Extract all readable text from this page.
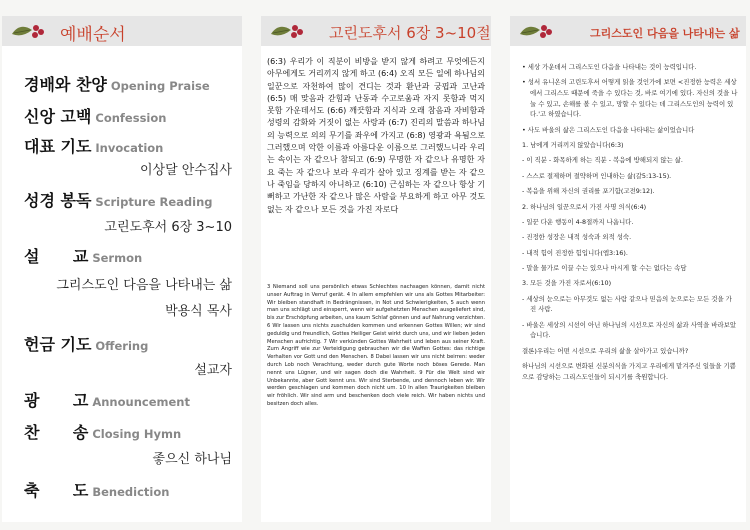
예배순서
경배와 찬양 Opening Praise
신앙 고백 Confession
대표 기도 Invocation
이상달 안수집사
성경 봉독 Scripture Reading
고린도후서 6장 3~10
설      교 Sermon
그리스도인 다음을 나타내는 삶
박용식 목사
헌금 기도 Offering
설교자
광      고 Announcement
찬      송 Closing Hymn
좋으신 하나님
축      도 Benediction
고린도후서 6장 3~10절

(6:3) 우리가 이 직분이 비방을 받지 않게 하려고 무엇에든지 아무에게도 거리끼지 않게 하고 (6:4) 오직 모든 일에 하나님의 일꾼으로 자천하여 많이 견디는 것과 환난과 궁핍과 고난과 (6:5) 매 맞음과 갇힘과 난동과 수고로움과 자지 못함과 먹지 못함 가운데서도 (6:6) 깨끗함과 지식과 오래 참음과 자비함과 성령의 감화와 거짓이 없는 사랑과 (6:7) 진리의 말씀과 하나님의 능력으로 의의 무기를 좌우에 가지고 (6:8) 영광과 욕됨으로 그러했으며 악한 이름과 아름다운 이름으로 그러했느니라 우리는 속이는 자 같으나 참되고 (6:9) 무명한 자 같으나 유명한 자요 죽는 자 같으나 보라 우리가 살아 있고 징계를 받는 자 같으나 죽임을 당하지 아니하고 (6:10) 근심하는 자 같으나 항상 기뻐하고 가난한 자 같으나 많은 사람을 부요하게 하고 아무 것도 없는 자 같으나 모든 것을 가진 자로다

3 Niemand soll uns persönlich etwas Schlechtes nachsagen können, damit nicht unser Auftrag in Verruf gerät. 4 In allem empfehlen wir uns als Gottes Mitarbeiter: Wir bleiben standhaft in Bedrängnissen, in Not und Schwierigkeiten, 5 auch wenn man uns schlägt und einsperrt, wenn wir aufgehetzten Menschen ausgeliefert sind, bis zur Erschöpfung arbeiten, uns kaum Schlaf gönnen und auf Nahrung verzichten. 6 Wir lassen uns nichts zuschulden kommen und erkennen Gottes Willen; wir sind geduldig und freundlich, Gottes Heiliger Geist wirkt durch uns, und wir lieben jeden Menschen aufrichtig. 7 Wir verkünden Gottes Wahrheit und leben aus seiner Kraft. Zum Angriff wie zur Verteidigung gebrauchen wir die Waffen Gottes: das richtige Verhalten vor Gott und den Menschen. 8 Dabei lassen wir uns nicht beirren: weder durch Lob noch Verachtung, weder durch gute Worte noch böses Gerede. Man nennt uns Lügner, und wir sagen doch die Wahrheit. 9 Für die Welt sind wir Unbekannte, aber Gott kennt uns. Wir sind Sterbende, und dennoch leben wir. Wir werden geschlagen und kommen doch nicht um. 10 In allen Traurigkeiten bleiben wir fröhlich. Wir sind arm und beschenken doch viele reich. Wir haben nichts und besitzen doch alles.

그리스도인 다음을 나타내는 삶

• 세상 가운데서 그리스도인 다음을 나타내는 것이 능력입니다.

• 성서 유니온의 고린도후서 어떻게 읽을 것인가에 보면 <진정한 능력은 세상에서 그리스도 때문에 죽을 수 있다는 것, 바로 여기에 있다. 자신의 것을 나눌 수 있고, 손해를 볼 수 있고, 망할 수 있다는 데 그리스도인의 능력이 있다.'고 하였습니다.

• 사도 바울의 삶은 그리스도인 다음을 나타내는 삶이었습니다

1. 남에게 거리끼지 않았습니다(6:3)

- 이 직분 - 화목하게 하는 직분 - 복음에 방해되지 않는 삶.

- 스스로 절제하며 절약하며 인내하는 삶(갈5:13-15).

- 복음을 위해 자신의 권리를 포기함(고전9:12).

2. 하나님의 일꾼으로서 가진 사명 의식(6:4)

- 일꾼 다운 행동이 4-8절까지 나옵니다.

- 진정한 성장은 내적 성숙과 외적 성숙.

- 내적 힘이 진정한 힘입니다(엡3:16).

- 말을 물가로 이끌 수는 있으나 마시게 할 수는 없다는 속담

3. 모든 것을 가진 자로서(6:10)

- 세상의 눈으로는 아무것도 없는 사람 같으나 믿음의 눈으로는 모든 것을 가진 사람.

- 바울은 세상의 시선이 아닌 하나님의 시선으로 자신의 삶과 사역을 바라보았습니다.

결론)우리는 어떤 시선으로 우리의 삶을 살아가고 있습니까?

하나님의 시선으로 변화된 신분의식을 가지고 우리에게 맡겨주신 일들을 기쁨으로 감당하는 그리스도인들이 되시기를 축원합니다.
